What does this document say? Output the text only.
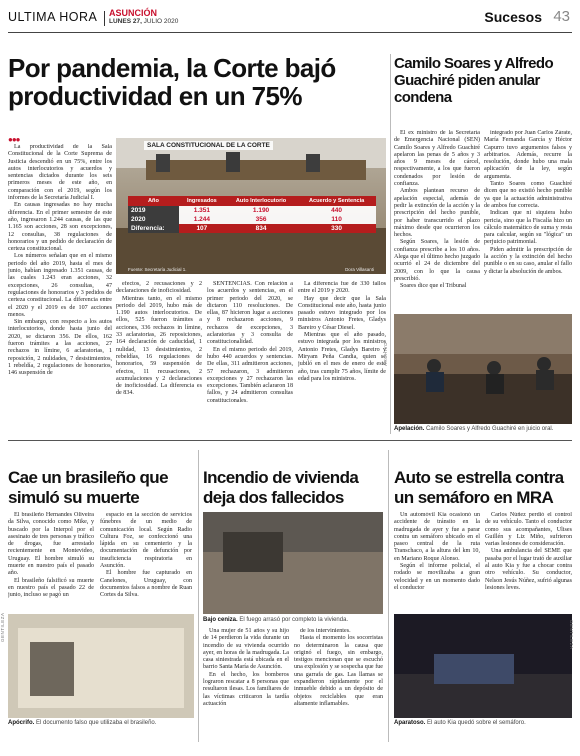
ULTIMA HORA ASUNCIÓN
LUNES 27, JULIO 2020	Sucesos 43
Por pandemia, la Corte bajó productividad en un 75%
●●●

La productividad de la Sala Constitucional de la Corte Suprema de Justicia descendió en un 75%, entre los autos interlocutorios y acuerdos y sentencias dictados durante los seis primeros meses de este año, en comparación con el 2019, según los informes de la Secretaría Judicial I.

En causas ingresadas no hay mucha diferencia. En el primer semestre de este año, ingresaron 1.244 causas, de las que 1.165 son acciones, 28 son excepciones, 12 consultas, 38 regulaciones de honorarios y un pedido de declaración de certeza constitucional.

Los números señalan que en el mismo periodo del año 2019, hasta el mes de junio, habían ingresado 1.351 causas, de las cuales 1.243 eran acciones, 32 excepciones, 26 consultas, 47 regulaciones de honorarios y 3 pedidos de certeza constitucional. La diferencia entre el 2020 y el 2019 es de 107 acciones menos.

Sin embargo, con respecto a los autos interlocutorios, donde hasta junio del 2020, se dictaron 356. De ellos, 162 fueron trámites a las acciones, 27 rechazos in límine, 6 aclaratorias, 1 reposición, 2 nulidades, 7 desistimientos, 1 rebeldía, 2 regulaciones de honorarios, 146 suspensión de

SALA CONSTITUCIONAL DE LA CORTE
Año	Ingresados	Auto Interlocutorio	Acuerdo y Sentencia
2019	1.351	1.190	440
2020	1.244	356	110
Diferencia:	107	834	330
Fuente: Secretaría Judicial 1.	Dora Villasanti

efectos, 2 recusaciones y 2 declaraciones de inoficiosidad.

Mientras tanto, en el mismo periodo del 2019, hubo más de 1.190 autos interlocutorios. De ellos, 525 fueron trámites a acciones, 336 rechazos in límine, 33 aclaratorias, 26 reposiciones, 164 declaración de caducidad, 1 nulidad, 13 desistimientos, 2 rebeldías, 16 regulaciones de honorarios, 59 suspensión de efectos, 11 recusaciones, 2 acumulaciones y 2 declaraciones de inoficiosidad. La diferencia es de 834.

SENTENCIAS. Con relación a los acuerdos y sentencias, en el primer periodo del 2020, se dictaron 110 resoluciones. De ellas, 87 hicieron lugar a acciones y 8 rechazaron acciones, 9 rechazos de excepciones, 3 aclaratorias y 3 consulta de constitucionalidad.

En el mismo periodo del 2019, hubo 440 acuerdos y sentencias. De ellas, 311 admitieron acciones, 57 rechazaron, 3 admitieron excepciones y 27 rechazaron las excepciones. También aclararon 18 fallos, y 24 admitieron consultas constitucionales.

La diferencia fue de 330 fallos entre el 2019 y 2020.

Hay que decir que la Sala Constitucional este año, hasta junio pasado estuvo integrado por los ministros Antonio Fretes, Gladys Bareiro y César Diesel.

Mientras que el año pasado, estuvo integrada por los ministros Antonio Fretes, Gladys Bareiro y Miryam Peña Candia, quien se jubiló en el mes de enero de este año, tras cumplir 75 años, límite de edad para los ministros.

Camilo Soares y Alfredo Guachiré piden anular condena

El ex ministro de la Secretaría de Emergencia Nacional (SEN) Camilo Soares y Alfredo Guachiré apelaron las penas de 5 años y 3 años 9 meses de cárcel, respectivamente, a los que fueron condenados por lesión de confianza.

Ambos plantean recurso de apelación especial, además de pedir la extinción de la acción y la prescripción del hecho punible, por haber transcurrido el plazo máximo desde que ocurrieron los hechos.

Según Soares, la lesión de confianza prescribe a los 10 años. Alega que el último hecho juzgado ocurrió el 24 de diciembre del 2009, con lo que la causa prescribió.

Soares dice que el Tribunal

integrado por Juan Carlos Zárate, María Fernanda García y Héctor Capurro tuvo argumentos falsos y arbitrarios. Además, recurre la resolución, donde hubo una mala aplicación de la ley, según argumenta.

Tanto Soares como Guachiré dicen que no existió hecho punible ya que la actuación administrativa de ambos fue correcta.

Indican que ni siquiera hubo pericia, sino que la Fiscalía hizo un cálculo matemático de suma y resta para calcular, según su "lógica" un perjuicio patrimonial.

Piden admitir la prescripción de la acción y la extinción del hecho punible o en su caso, anular el fallo y dictar la absolución de ambos.

ARCHIVO
Apelación. Camilo Soares y Alfredo Guachiré en juicio oral.
Cae un brasileño que simuló su muerte

El brasileño Hernandes Oliveira da Silva, conocido como Mike, y buscado por la Interpol por el asesinato de tres personas y tráfico de drogas, fue arrestado recientemente en Montevideo, Uruguay. El hombre simuló su muerte en nuestro país el pasado año.

El brasileño falsificó su muerte en nuestro país el pasado 22 de junio, incluso se pagó un

espacio en la sección de servicios fúnebres de un medio de comunicación local. Según Radio Cultura Foz, se confeccionó una lápida en su cementerio y la documentación de defunción por insuficiencia respiratoria en Asunción.

El hombre fue capturado en Canelones, Uruguay, con documentos falsos a nombre de Ruan Cortes da Silva.

GENTILEZA
Apócrifo. El documento falso que utilizaba el brasileño.
Incendio de vivienda deja dos fallecidos
Bajo ceniza. El fuego arrasó por completo la vivienda.

Una mujer de 51 años y su hijo de 14 perdieron la vida durante un incendio de su vivienda ocurrido ayer, en horas de la madrugada. La casa siniestrada está ubicada en el barrio Santa María de Asunción.

En el hecho, los bomberos lograron rescatar a 8 personas que resultaron ilesas. Los familiares de las víctimas criticaron la tardía actuación

de los intervinientes.

Hasta el momento los socorristas no determinaron la causa que originó el fuego, sin embargo, testigos mencionan que se escuchó una explosión y se sospecha que fue una garrafa de gas. Las llamas se expandieron rápidamente por el inmueble debido a un depósito de objetos reciclables que eran altamente inflamables.

Auto se estrella contra un semáforo en MRA

Un automóvil Kia ocasionó un accidente de tránsito en la madrugada de ayer y fue a parar contra un semáforo ubicado en el paseo central de la ruta Transchaco, a la altura del km 10, en Mariano Roque Alonso.

Según el informe policial, el rodado se movilizaba a gran velocidad y en un momento dado el conductor

Carlos Núñez perdió el control de su vehículo. Tanto el conductor como sus acompañantes, Ulises Guillén y Liz Miño, sufrieron varias lesiones de consideración.

Una ambulancia del SEME que pasaba por el lugar trató de auxiliar al auto Kia y fue a chocar contra otro vehículo. Su conductor, Nelson Jesús Núñez, sufrió algunas lesiones leves.

GENTILEZA
Aparatoso. El auto Kia quedó sobre el semáforo.
